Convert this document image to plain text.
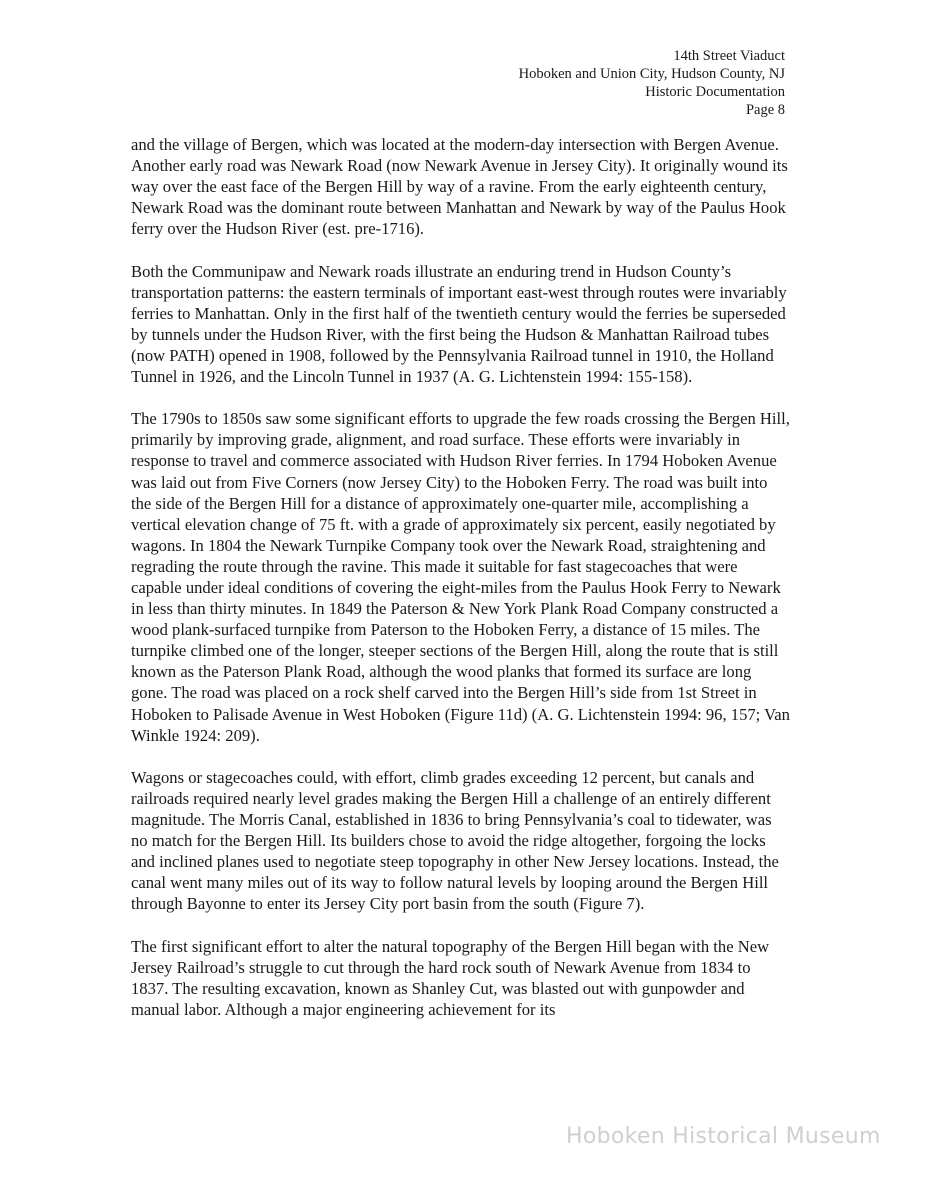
14th Street Viaduct
Hoboken and Union City, Hudson County, NJ
Historic Documentation
Page 8

and the village of Bergen, which was located at the modern-day intersection with Bergen Avenue. Another early road was Newark Road (now Newark Avenue in Jersey City). It originally wound its way over the east face of the Bergen Hill by way of a ravine. From the early eighteenth century, Newark Road was the dominant route between Manhattan and Newark by way of the Paulus Hook ferry over the Hudson River (est. pre-1716).

Both the Communipaw and Newark roads illustrate an enduring trend in Hudson County’s transportation patterns: the eastern terminals of important east-west through routes were invariably ferries to Manhattan. Only in the first half of the twentieth century would the ferries be superseded by tunnels under the Hudson River, with the first being the Hudson & Manhattan Railroad tubes (now PATH) opened in 1908, followed by the Pennsylvania Railroad tunnel in 1910, the Holland Tunnel in 1926, and the Lincoln Tunnel in 1937 (A. G. Lichtenstein 1994: 155-158).

The 1790s to 1850s saw some significant efforts to upgrade the few roads crossing the Bergen Hill, primarily by improving grade, alignment, and road surface. These efforts were invariably in response to travel and commerce associated with Hudson River ferries. In 1794 Hoboken Avenue was laid out from Five Corners (now Jersey City) to the Hoboken Ferry. The road was built into the side of the Bergen Hill for a distance of approximately one-quarter mile, accomplishing a vertical elevation change of 75 ft. with a grade of approximately six percent, easily negotiated by wagons. In 1804 the Newark Turnpike Company took over the Newark Road, straightening and regrading the route through the ravine. This made it suitable for fast stagecoaches that were capable under ideal conditions of covering the eight-miles from the Paulus Hook Ferry to Newark in less than thirty minutes. In 1849 the Paterson & New York Plank Road Company constructed a wood plank-surfaced turnpike from Paterson to the Hoboken Ferry, a distance of 15 miles. The turnpike climbed one of the longer, steeper sections of the Bergen Hill, along the route that is still known as the Paterson Plank Road, although the wood planks that formed its surface are long gone. The road was placed on a rock shelf carved into the Bergen Hill’s side from 1st Street in Hoboken to Palisade Avenue in West Hoboken (Figure 11d) (A. G. Lichtenstein 1994: 96, 157; Van Winkle 1924: 209).

Wagons or stagecoaches could, with effort, climb grades exceeding 12 percent, but canals and railroads required nearly level grades making the Bergen Hill a challenge of an entirely different magnitude. The Morris Canal, established in 1836 to bring Pennsylvania’s coal to tidewater, was no match for the Bergen Hill. Its builders chose to avoid the ridge altogether, forgoing the locks and inclined planes used to negotiate steep topography in other New Jersey locations. Instead, the canal went many miles out of its way to follow natural levels by looping around the Bergen Hill through Bayonne to enter its Jersey City port basin from the south (Figure 7).

The first significant effort to alter the natural topography of the Bergen Hill began with the New Jersey Railroad’s struggle to cut through the hard rock south of Newark Avenue from 1834 to 1837. The resulting excavation, known as Shanley Cut, was blasted out with gunpowder and manual labor. Although a major engineering achievement for its

Hoboken Historical Museum
